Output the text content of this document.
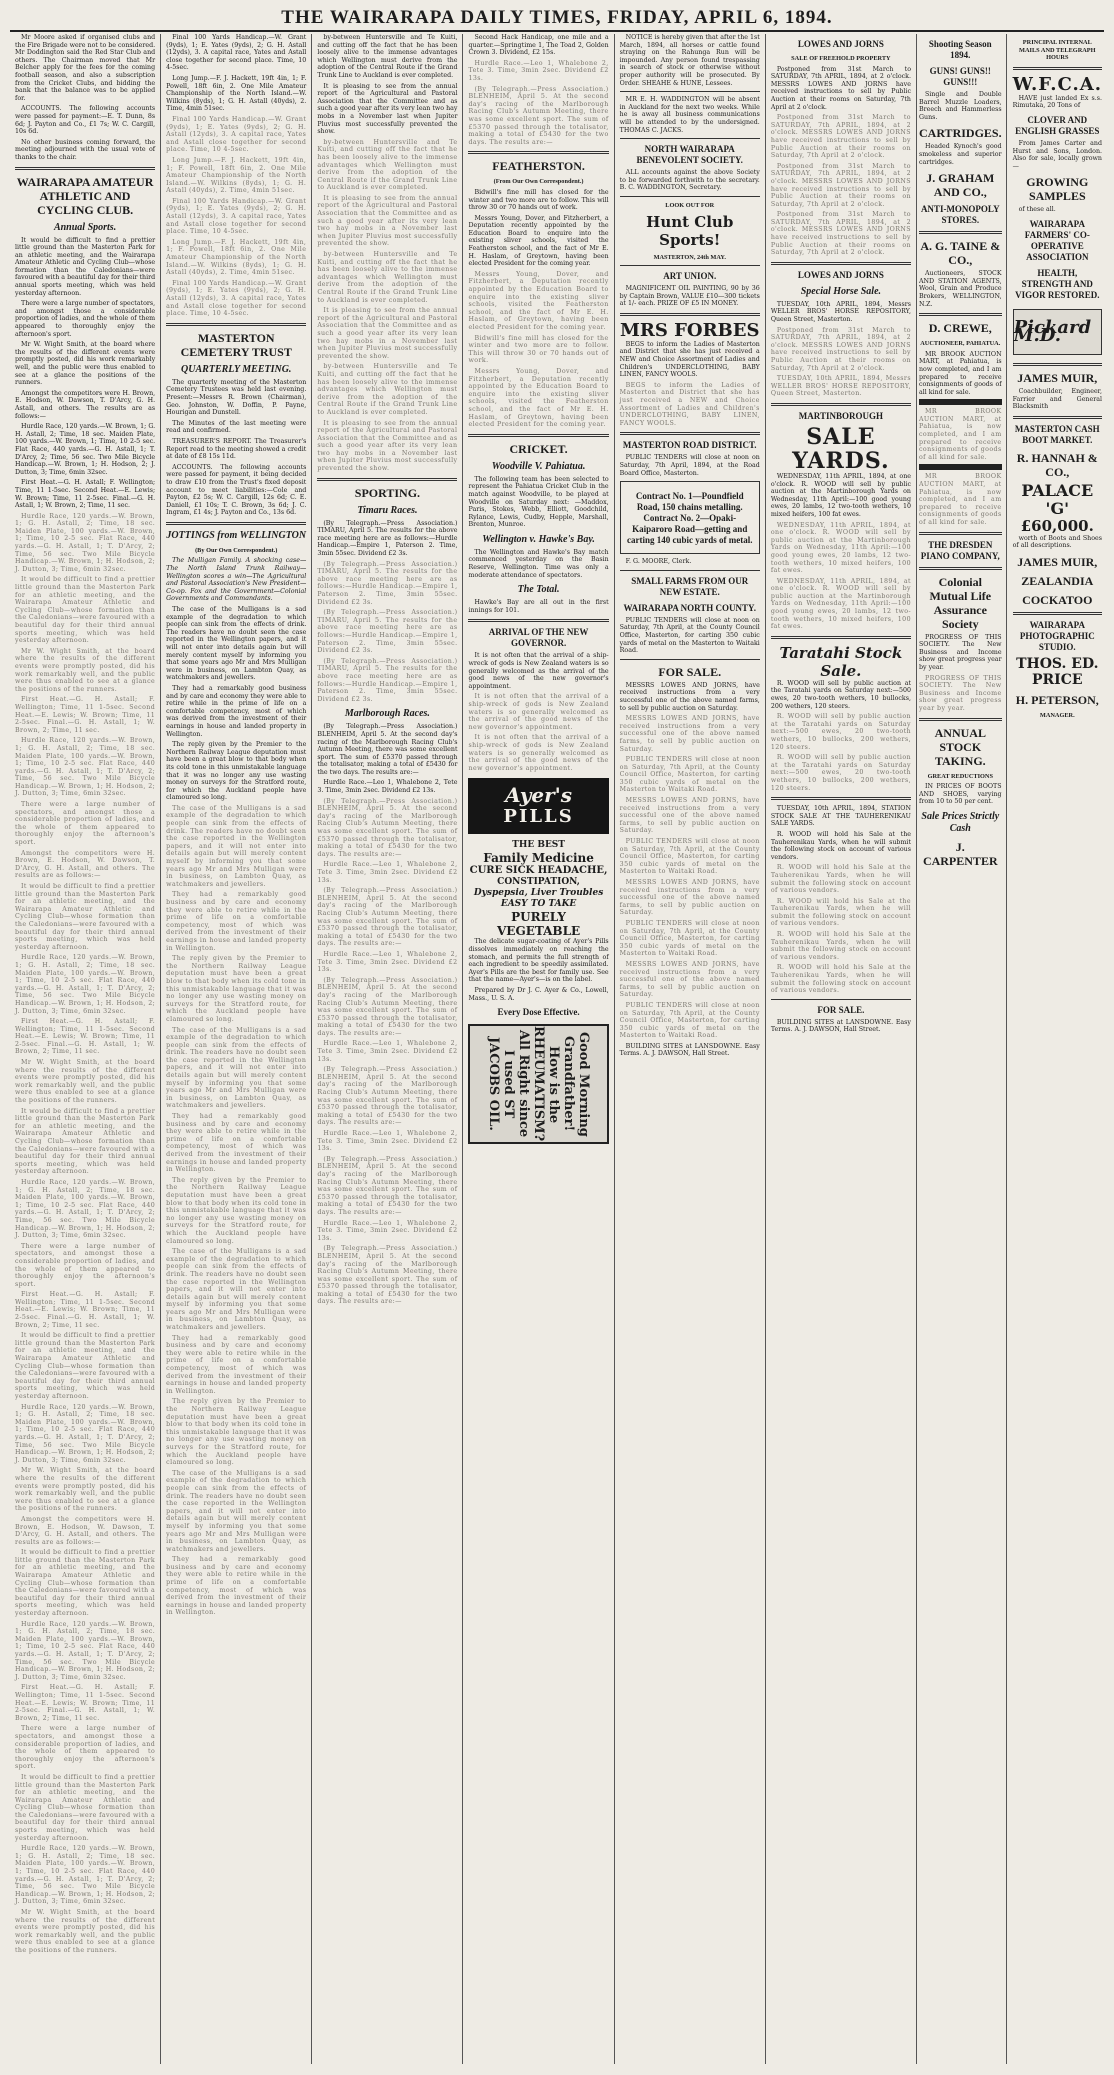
THE WAIRARAPA DAILY TIMES, FRIDAY, APRIL 6, 1894.

Mr Moore asked if organised clubs and the Fire Brigade were not to be considered. Mr Doddington said the Red Star Club and others. The Chairman moved that Mr Belcher apply for the fees for the coming football season, and also a subscription from the Cricket Clubs, and bidding the bank that the balance was to be applied for.

ACCOUNTS. The following accounts were passed for payment:—E. T. Dunn, 8s 6d; J. Payton and Co., £1 7s; W. C. Cargill, 10s 6d.

No other business coming forward, the meeting adjourned with the usual vote of thanks to the chair.

WAIRARAPA AMATEUR ATHLETIC AND CYCLING CLUB.
Annual Sports.

It would be difficult to find a prettier little ground than the Masterton Park for an athletic meeting, and the Wairarapa Amateur Athletic and Cycling Club—whose formation than the Caledonians—were favoured with a beautiful day for their third annual sports meeting, which was held yesterday afternoon.

There were a large number of spectators, and amongst those a considerable proportion of ladies, and the whole of them appeared to thoroughly enjoy the afternoon's sport.

Mr W. Wight Smith, at the board where the results of the different events were promptly posted, did his work remarkably well, and the public were thus enabled to see at a glance the positions of the runners.

Amongst the competitors were H. Brown, E. Hodson, W. Dawson, T. D'Arcy, G. H. Astall, and others. The results are as follows:—

Hurdle Race, 120 yards.—W. Brown, 1; G. H. Astall, 2; Time, 18 sec. Maiden Plate, 100 yards.—W. Brown, 1; Time, 10 2-5 sec. Flat Race, 440 yards.—G. H. Astall, 1; T. D'Arcy, 2; Time, 56 sec. Two Mile Bicycle Handicap.—W. Brown, 1; H. Hodson, 2; J. Dutton, 3; Time, 6min 32sec.

First Heat.—G. H. Astall; F. Wellington; Time, 11 1-5sec. Second Heat.—E. Lewis; W. Brown; Time, 11 2-5sec. Final.—G. H. Astall, 1; W. Brown, 2; Time, 11 sec.

Hurdle Race, 120 yards.—W. Brown, 1; G. H. Astall, 2; Time, 18 sec. Maiden Plate, 100 yards.—W. Brown, 1; Time, 10 2-5 sec. Flat Race, 440 yards.—G. H. Astall, 1; T. D'Arcy, 2; Time, 56 sec. Two Mile Bicycle Handicap.—W. Brown, 1; H. Hodson, 2; J. Dutton, 3; Time, 6min 32sec.

It would be difficult to find a prettier little ground than the Masterton Park for an athletic meeting, and the Wairarapa Amateur Athletic and Cycling Club—whose formation than the Caledonians—were favoured with a beautiful day for their third annual sports meeting, which was held yesterday afternoon.

Mr W. Wight Smith, at the board where the results of the different events were promptly posted, did his work remarkably well, and the public were thus enabled to see at a glance the positions of the runners.

First Heat.—G. H. Astall; F. Wellington; Time, 11 1-5sec. Second Heat.—E. Lewis; W. Brown; Time, 11 2-5sec. Final.—G. H. Astall, 1; W. Brown, 2; Time, 11 sec.

Hurdle Race, 120 yards.—W. Brown, 1; G. H. Astall, 2; Time, 18 sec. Maiden Plate, 100 yards.—W. Brown, 1; Time, 10 2-5 sec. Flat Race, 440 yards.—G. H. Astall, 1; T. D'Arcy, 2; Time, 56 sec. Two Mile Bicycle Handicap.—W. Brown, 1; H. Hodson, 2; J. Dutton, 3; Time, 6min 32sec.

There were a large number of spectators, and amongst those a considerable proportion of ladies, and the whole of them appeared to thoroughly enjoy the afternoon's sport.

Amongst the competitors were H. Brown, E. Hodson, W. Dawson, T. D'Arcy, G. H. Astall, and others. The results are as follows:—

It would be difficult to find a prettier little ground than the Masterton Park for an athletic meeting, and the Wairarapa Amateur Athletic and Cycling Club—whose formation than the Caledonians—were favoured with a beautiful day for their third annual sports meeting, which was held yesterday afternoon.

Hurdle Race, 120 yards.—W. Brown, 1; G. H. Astall, 2; Time, 18 sec. Maiden Plate, 100 yards.—W. Brown, 1; Time, 10 2-5 sec. Flat Race, 440 yards.—G. H. Astall, 1; T. D'Arcy, 2; Time, 56 sec. Two Mile Bicycle Handicap.—W. Brown, 1; H. Hodson, 2; J. Dutton, 3; Time, 6min 32sec.

First Heat.—G. H. Astall; F. Wellington; Time, 11 1-5sec. Second Heat.—E. Lewis; W. Brown; Time, 11 2-5sec. Final.—G. H. Astall, 1; W. Brown, 2; Time, 11 sec.

Mr W. Wight Smith, at the board where the results of the different events were promptly posted, did his work remarkably well, and the public were thus enabled to see at a glance the positions of the runners.

It would be difficult to find a prettier little ground than the Masterton Park for an athletic meeting, and the Wairarapa Amateur Athletic and Cycling Club—whose formation than the Caledonians—were favoured with a beautiful day for their third annual sports meeting, which was held yesterday afternoon.

Hurdle Race, 120 yards.—W. Brown, 1; G. H. Astall, 2; Time, 18 sec. Maiden Plate, 100 yards.—W. Brown, 1; Time, 10 2-5 sec. Flat Race, 440 yards.—G. H. Astall, 1; T. D'Arcy, 2; Time, 56 sec. Two Mile Bicycle Handicap.—W. Brown, 1; H. Hodson, 2; J. Dutton, 3; Time, 6min 32sec.

There were a large number of spectators, and amongst those a considerable proportion of ladies, and the whole of them appeared to thoroughly enjoy the afternoon's sport.

First Heat.—G. H. Astall; F. Wellington; Time, 11 1-5sec. Second Heat.—E. Lewis; W. Brown; Time, 11 2-5sec. Final.—G. H. Astall, 1; W. Brown, 2; Time, 11 sec.

It would be difficult to find a prettier little ground than the Masterton Park for an athletic meeting, and the Wairarapa Amateur Athletic and Cycling Club—whose formation than the Caledonians—were favoured with a beautiful day for their third annual sports meeting, which was held yesterday afternoon.

Hurdle Race, 120 yards.—W. Brown, 1; G. H. Astall, 2; Time, 18 sec. Maiden Plate, 100 yards.—W. Brown, 1; Time, 10 2-5 sec. Flat Race, 440 yards.—G. H. Astall, 1; T. D'Arcy, 2; Time, 56 sec. Two Mile Bicycle Handicap.—W. Brown, 1; H. Hodson, 2; J. Dutton, 3; Time, 6min 32sec.

Mr W. Wight Smith, at the board where the results of the different events were promptly posted, did his work remarkably well, and the public were thus enabled to see at a glance the positions of the runners.

Amongst the competitors were H. Brown, E. Hodson, W. Dawson, T. D'Arcy, G. H. Astall, and others. The results are as follows:—

It would be difficult to find a prettier little ground than the Masterton Park for an athletic meeting, and the Wairarapa Amateur Athletic and Cycling Club—whose formation than the Caledonians—were favoured with a beautiful day for their third annual sports meeting, which was held yesterday afternoon.

Hurdle Race, 120 yards.—W. Brown, 1; G. H. Astall, 2; Time, 18 sec. Maiden Plate, 100 yards.—W. Brown, 1; Time, 10 2-5 sec. Flat Race, 440 yards.—G. H. Astall, 1; T. D'Arcy, 2; Time, 56 sec. Two Mile Bicycle Handicap.—W. Brown, 1; H. Hodson, 2; J. Dutton, 3; Time, 6min 32sec.

First Heat.—G. H. Astall; F. Wellington; Time, 11 1-5sec. Second Heat.—E. Lewis; W. Brown; Time, 11 2-5sec. Final.—G. H. Astall, 1; W. Brown, 2; Time, 11 sec.

There were a large number of spectators, and amongst those a considerable proportion of ladies, and the whole of them appeared to thoroughly enjoy the afternoon's sport.

It would be difficult to find a prettier little ground than the Masterton Park for an athletic meeting, and the Wairarapa Amateur Athletic and Cycling Club—whose formation than the Caledonians—were favoured with a beautiful day for their third annual sports meeting, which was held yesterday afternoon.

Hurdle Race, 120 yards.—W. Brown, 1; G. H. Astall, 2; Time, 18 sec. Maiden Plate, 100 yards.—W. Brown, 1; Time, 10 2-5 sec. Flat Race, 440 yards.—G. H. Astall, 1; T. D'Arcy, 2; Time, 56 sec. Two Mile Bicycle Handicap.—W. Brown, 1; H. Hodson, 2; J. Dutton, 3; Time, 6min 32sec.

Mr W. Wight Smith, at the board where the results of the different events were promptly posted, did his work remarkably well, and the public were thus enabled to see at a glance the positions of the runners.

Final 100 Yards Handicap.—W. Grant (9yds), 1; E. Yates (9yds), 2; G. H. Astall (12yds), 3. A capital race, Yates and Astall close together for second place. Time, 10 4-5sec.

Long Jump.—F. J. Hackett, 19ft 4in, 1; F. Powell, 18ft 6in, 2. One Mile Amateur Championship of the North Island.—W. Wilkins (8yds), 1; G. H. Astall (40yds), 2. Time, 4min 51sec.

Final 100 Yards Handicap.—W. Grant (9yds), 1; E. Yates (9yds), 2; G. H. Astall (12yds), 3. A capital race, Yates and Astall close together for second place. Time, 10 4-5sec.

Long Jump.—F. J. Hackett, 19ft 4in, 1; F. Powell, 18ft 6in, 2. One Mile Amateur Championship of the North Island.—W. Wilkins (8yds), 1; G. H. Astall (40yds), 2. Time, 4min 51sec.

Final 100 Yards Handicap.—W. Grant (9yds), 1; E. Yates (9yds), 2; G. H. Astall (12yds), 3. A capital race, Yates and Astall close together for second place. Time, 10 4-5sec.

Long Jump.—F. J. Hackett, 19ft 4in, 1; F. Powell, 18ft 6in, 2. One Mile Amateur Championship of the North Island.—W. Wilkins (8yds), 1; G. H. Astall (40yds), 2. Time, 4min 51sec.

Final 100 Yards Handicap.—W. Grant (9yds), 1; E. Yates (9yds), 2; G. H. Astall (12yds), 3. A capital race, Yates and Astall close together for second place. Time, 10 4-5sec.

MASTERTON CEMETERY TRUST
QUARTERLY MEETING.

The quarterly meeting of the Masterton Cemetery Trustees was held last evening. Present:—Messrs R. Brown (Chairman), Geo. Johnston, W. Doffin, P. Payne, Hourigan and Dunstell.

The Minutes of the last meeting were read and confirmed.

TREASURER'S REPORT. The Treasurer's Report read to the meeting showed a credit at date of £8 15s 11d.

ACCOUNTS. The following accounts were passed for payment, it being decided to draw £10 from the Trust's fixed deposit account to meet liabilities:—Cole and Payton, £2 5s; W. C. Cargill, 12s 6d; C. E. Daniell, £1 10s; T. C. Brown, 3s 6d; J. C. Ingram, £1 4s; J. Payton and Co., 13s 6d.

JOTTINGS from WELLINGTON
(By Our Own Correspondent.)

The Mulligan Family. A shocking case—The North Island Trunk Railway—Wellington scores a win—The Agricultural and Pastoral Association's New President—Co-op. Fox and the Government—Colonial Governments and Commandants.

The case of the Mulligans is a sad example of the degradation to which people can sink from the effects of drink. The readers have no doubt seen the case reported in the Wellington papers, and it will not enter into details again but will merely content myself by informing you that some years ago Mr and Mrs Mulligan were in business, on Lambton Quay, as watchmakers and jewellers.

They had a remarkably good business and by care and economy they were able to retire while in the prime of life on a comfortable competency, most of which was derived from the investment of their earnings in house and landed property in Wellington.

The reply given by the Premier to the Northern Railway League deputation must have been a great blow to that body when its cold tone in this unmistakable language that it was no longer any use wasting money on surveys for the Stratford route, for which the Auckland people have clamoured so long.

The case of the Mulligans is a sad example of the degradation to which people can sink from the effects of drink. The readers have no doubt seen the case reported in the Wellington papers, and it will not enter into details again but will merely content myself by informing you that some years ago Mr and Mrs Mulligan were in business, on Lambton Quay, as watchmakers and jewellers.

They had a remarkably good business and by care and economy they were able to retire while in the prime of life on a comfortable competency, most of which was derived from the investment of their earnings in house and landed property in Wellington.

The reply given by the Premier to the Northern Railway League deputation must have been a great blow to that body when its cold tone in this unmistakable language that it was no longer any use wasting money on surveys for the Stratford route, for which the Auckland people have clamoured so long.

The case of the Mulligans is a sad example of the degradation to which people can sink from the effects of drink. The readers have no doubt seen the case reported in the Wellington papers, and it will not enter into details again but will merely content myself by informing you that some years ago Mr and Mrs Mulligan were in business, on Lambton Quay, as watchmakers and jewellers.

They had a remarkably good business and by care and economy they were able to retire while in the prime of life on a comfortable competency, most of which was derived from the investment of their earnings in house and landed property in Wellington.

The reply given by the Premier to the Northern Railway League deputation must have been a great blow to that body when its cold tone in this unmistakable language that it was no longer any use wasting money on surveys for the Stratford route, for which the Auckland people have clamoured so long.

The case of the Mulligans is a sad example of the degradation to which people can sink from the effects of drink. The readers have no doubt seen the case reported in the Wellington papers, and it will not enter into details again but will merely content myself by informing you that some years ago Mr and Mrs Mulligan were in business, on Lambton Quay, as watchmakers and jewellers.

They had a remarkably good business and by care and economy they were able to retire while in the prime of life on a comfortable competency, most of which was derived from the investment of their earnings in house and landed property in Wellington.

The reply given by the Premier to the Northern Railway League deputation must have been a great blow to that body when its cold tone in this unmistakable language that it was no longer any use wasting money on surveys for the Stratford route, for which the Auckland people have clamoured so long.

The case of the Mulligans is a sad example of the degradation to which people can sink from the effects of drink. The readers have no doubt seen the case reported in the Wellington papers, and it will not enter into details again but will merely content myself by informing you that some years ago Mr and Mrs Mulligan were in business, on Lambton Quay, as watchmakers and jewellers.

They had a remarkably good business and by care and economy they were able to retire while in the prime of life on a comfortable competency, most of which was derived from the investment of their earnings in house and landed property in Wellington.

by-between Huntersville and Te Kuiti, and cutting off the fact that he has been loosely alive to the immense advantages which Wellington must derive from the adoption of the Central Route if the Grand Trunk Line to Auckland is ever completed.

It is pleasing to see from the annual report of the Agricultural and Pastoral Association that the Committee and as such a good year after its very lean two hay mobs in a November last when Jupiter Pluvius most successfully prevented the show.

by-between Huntersville and Te Kuiti, and cutting off the fact that he has been loosely alive to the immense advantages which Wellington must derive from the adoption of the Central Route if the Grand Trunk Line to Auckland is ever completed.

It is pleasing to see from the annual report of the Agricultural and Pastoral Association that the Committee and as such a good year after its very lean two hay mobs in a November last when Jupiter Pluvius most successfully prevented the show.

by-between Huntersville and Te Kuiti, and cutting off the fact that he has been loosely alive to the immense advantages which Wellington must derive from the adoption of the Central Route if the Grand Trunk Line to Auckland is ever completed.

It is pleasing to see from the annual report of the Agricultural and Pastoral Association that the Committee and as such a good year after its very lean two hay mobs in a November last when Jupiter Pluvius most successfully prevented the show.

by-between Huntersville and Te Kuiti, and cutting off the fact that he has been loosely alive to the immense advantages which Wellington must derive from the adoption of the Central Route if the Grand Trunk Line to Auckland is ever completed.

It is pleasing to see from the annual report of the Agricultural and Pastoral Association that the Committee and as such a good year after its very lean two hay mobs in a November last when Jupiter Pluvius most successfully prevented the show.

SPORTING.
Timaru Races.

(By Telegraph.—Press Association.) TIMARU, April 5. The results for the above race meeting here are as follows:—Hurdle Handicap.—Empire 1, Paterson 2. Time, 3min 55sec. Dividend £2 3s.

(By Telegraph.—Press Association.) TIMARU, April 5. The results for the above race meeting here are as follows:—Hurdle Handicap.—Empire 1, Paterson 2. Time, 3min 55sec. Dividend £2 3s.

(By Telegraph.—Press Association.) TIMARU, April 5. The results for the above race meeting here are as follows:—Hurdle Handicap.—Empire 1, Paterson 2. Time, 3min 55sec. Dividend £2 3s.

(By Telegraph.—Press Association.) TIMARU, April 5. The results for the above race meeting here are as follows:—Hurdle Handicap.—Empire 1, Paterson 2. Time, 3min 55sec. Dividend £2 3s.

Marlborough Races.

(By Telegraph.—Press Association.) BLENHEIM, April 5. At the second day's racing of the Marlborough Racing Club's Autumn Meeting, there was some excellent sport. The sum of £5370 passed through the totalisator, making a total of £5430 for the two days. The results are:—

Hurdle Race.—Leo 1, Whalebone 2, Tete 3. Time, 3min 2sec. Dividend £2 13s.

(By Telegraph.—Press Association.) BLENHEIM, April 5. At the second day's racing of the Marlborough Racing Club's Autumn Meeting, there was some excellent sport. The sum of £5370 passed through the totalisator, making a total of £5430 for the two days. The results are:—

Hurdle Race.—Leo 1, Whalebone 2, Tete 3. Time, 3min 2sec. Dividend £2 13s.

(By Telegraph.—Press Association.) BLENHEIM, April 5. At the second day's racing of the Marlborough Racing Club's Autumn Meeting, there was some excellent sport. The sum of £5370 passed through the totalisator, making a total of £5430 for the two days. The results are:—

Hurdle Race.—Leo 1, Whalebone 2, Tete 3. Time, 3min 2sec. Dividend £2 13s.

(By Telegraph.—Press Association.) BLENHEIM, April 5. At the second day's racing of the Marlborough Racing Club's Autumn Meeting, there was some excellent sport. The sum of £5370 passed through the totalisator, making a total of £5430 for the two days. The results are:—

Hurdle Race.—Leo 1, Whalebone 2, Tete 3. Time, 3min 2sec. Dividend £2 13s.

(By Telegraph.—Press Association.) BLENHEIM, April 5. At the second day's racing of the Marlborough Racing Club's Autumn Meeting, there was some excellent sport. The sum of £5370 passed through the totalisator, making a total of £5430 for the two days. The results are:—

Hurdle Race.—Leo 1, Whalebone 2, Tete 3. Time, 3min 2sec. Dividend £2 13s.

(By Telegraph.—Press Association.) BLENHEIM, April 5. At the second day's racing of the Marlborough Racing Club's Autumn Meeting, there was some excellent sport. The sum of £5370 passed through the totalisator, making a total of £5430 for the two days. The results are:—

Hurdle Race.—Leo 1, Whalebone 2, Tete 3. Time, 3min 2sec. Dividend £2 13s.

(By Telegraph.—Press Association.) BLENHEIM, April 5. At the second day's racing of the Marlborough Racing Club's Autumn Meeting, there was some excellent sport. The sum of £5370 passed through the totalisator, making a total of £5430 for the two days. The results are:—

Second Hack Handicap, one mile and a quarter.—Springtime 1, The Toad 2, Golden Crown 3. Dividend, £2 15s.

Hurdle Race.—Leo 1, Whalebone 2, Tete 3. Time, 3min 2sec. Dividend £2 13s.

(By Telegraph.—Press Association.) BLENHEIM, April 5. At the second day's racing of the Marlborough Racing Club's Autumn Meeting, there was some excellent sport. The sum of £5370 passed through the totalisator, making a total of £5430 for the two days. The results are:—

FEATHERSTON.
(From Our Own Correspondent.)

Bidwill's fine mill has closed for the winter and two more are to follow. This will throw 30 or 70 hands out of work.

Messrs Young, Dover, and Fitzherbert, a Deputation recently appointed by the Education Board to enquire into the existing sliver schools, visited the Featherston school, and the fact of Mr E. H. Haslam, of Greytown, having been elected President for the coming year.

Messrs Young, Dover, and Fitzherbert, a Deputation recently appointed by the Education Board to enquire into the existing sliver schools, visited the Featherston school, and the fact of Mr E. H. Haslam, of Greytown, having been elected President for the coming year.

Bidwill's fine mill has closed for the winter and two more are to follow. This will throw 30 or 70 hands out of work.

Messrs Young, Dover, and Fitzherbert, a Deputation recently appointed by the Education Board to enquire into the existing sliver schools, visited the Featherston school, and the fact of Mr E. H. Haslam, of Greytown, having been elected President for the coming year.

CRICKET.
Woodville V. Pahiatua.

The following team has been selected to represent the Pahiatua Cricket Club in the match against Woodville, to be played at Woodville on Saturday next: —Maddox, Paris, Stokes, Webb, Elliott, Goodchild, Rylance, Lewis, Cudby, Hepple, Marshall, Brenton, Munroe.

Wellington v. Hawke's Bay.

The Wellington and Hawke's Bay match commenced yesterday on the Basin Reserve, Wellington. Time was only a moderate attendance of spectators.

The Total.

Hawke's Bay are all out in the first innings for 101.

ARRIVAL OF THE NEW GOVERNOR.

It is not often that the arrival of a ship-wreck of gods is New Zealand waters is so generally welcomed as the arrival of the good news of the new governor's appointment.

It is not often that the arrival of a ship-wreck of gods is New Zealand waters is so generally welcomed as the arrival of the good news of the new governor's appointment.

It is not often that the arrival of a ship-wreck of gods is New Zealand waters is so generally welcomed as the arrival of the good news of the new governor's appointment.

Ayer's
PILLS
THE BEST
Family Medicine
CURE SICK HEADACHE,
CONSTIPATION,
Dyspepsia, Liver Troubles
EASY TO TAKE
PURELY VEGETABLE

The delicate sugar-coating of Ayer's Pills dissolves immediately on reaching the stomach, and permits the full strength of each ingredient to be speedily assimilated. Ayer's Pills are the best for family use. See that the name—Ayer's—is on the label.

Prepared by Dr J. C. Ayer & Co., Lowell, Mass., U. S. A.

Every Dose Effective.
Good Morning Grandfather! How is the RHEUMATISM? All Right since I used ST JACOBS OIL.

NOTICE is hereby given that after the 1st March, 1894, all horses or cattle found straying on the Rahunga Run will be impounded. Any person found trespassing in search of stock or otherwise without proper authority will be prosecuted. By Order. SHEAHE & HUNE, Lessees.

MR E. H. WADDINGTON will be absent in Auckland for the next two weeks. While he is away all business communications will be attended to by the undersigned. THOMAS C. JACKS.

NORTH WAIRARAPA BENEVOLENT SOCIETY.

ALL accounts against the above Society to be forwarded forthwith to the secretary. B. C. WADDINGTON, Secretary.

LOOK OUT FOR
Hunt Club Sports!
MASTERTON, 24th MAY.
ART UNION.

MAGNIFICENT OIL PAINTING, 90 by 36 by Captain Brown, VALUE £10—300 tickets at 1/- each. PRIZE OF £5 IN MONEY.

MRS FORBES

BEGS to inform the Ladies of Masterton and District that she has just received a NEW and Choice Assortment of Ladies and Children's UNDERCLOTHING, BABY LINEN, FANCY WOOLS.

BEGS to inform the Ladies of Masterton and District that she has just received a NEW and Choice Assortment of Ladies and Children's UNDERCLOTHING, BABY LINEN, FANCY WOOLS.

MASTERTON ROAD DISTRICT.

PUBLIC TENDERS will close at noon on Saturday, 7th April, 1894, at the Road Board Office, Masterton.

Contract No. 1—Poundfield Road, 150 chains metalling. Contract No. 2—Opaki-Kaiparoro Road—getting and carting 140 cubic yards of metal.

F. G. MOORE, Clerk.

SMALL FARMS FROM OUR NEW ESTATE.
WAIRARAPA NORTH COUNTY.

PUBLIC TENDERS will close at noon on Saturday, 7th April, at the County Council Office, Masterton, for carting 350 cubic yards of metal on the Masterton to Waitaki Road.

FOR SALE.

MESSRS LOWES AND JORNS, have received instructions from a very successful one of the above named farms, to sell by public auction on Saturday.

MESSRS LOWES AND JORNS, have received instructions from a very successful one of the above named farms, to sell by public auction on Saturday.

PUBLIC TENDERS will close at noon on Saturday, 7th April, at the County Council Office, Masterton, for carting 350 cubic yards of metal on the Masterton to Waitaki Road.

MESSRS LOWES AND JORNS, have received instructions from a very successful one of the above named farms, to sell by public auction on Saturday.

PUBLIC TENDERS will close at noon on Saturday, 7th April, at the County Council Office, Masterton, for carting 350 cubic yards of metal on the Masterton to Waitaki Road.

MESSRS LOWES AND JORNS, have received instructions from a very successful one of the above named farms, to sell by public auction on Saturday.

PUBLIC TENDERS will close at noon on Saturday, 7th April, at the County Council Office, Masterton, for carting 350 cubic yards of metal on the Masterton to Waitaki Road.

MESSRS LOWES AND JORNS, have received instructions from a very successful one of the above named farms, to sell by public auction on Saturday.

PUBLIC TENDERS will close at noon on Saturday, 7th April, at the County Council Office, Masterton, for carting 350 cubic yards of metal on the Masterton to Waitaki Road.

BUILDING SITES at LANSDOWNE. Easy Terms. A. J. DAWSON, Hall Street.

LOWES AND JORNS
SALE OF FREEHOLD PROPERTY

Postponed from 31st March to SATURDAY, 7th APRIL, 1894, at 2 o'clock. MESSRS LOWES AND JORNS have received instructions to sell by Public Auction at their rooms on Saturday, 7th April at 2 o'clock.

Postponed from 31st March to SATURDAY, 7th APRIL, 1894, at 2 o'clock. MESSRS LOWES AND JORNS have received instructions to sell by Public Auction at their rooms on Saturday, 7th April at 2 o'clock.

Postponed from 31st March to SATURDAY, 7th APRIL, 1894, at 2 o'clock. MESSRS LOWES AND JORNS have received instructions to sell by Public Auction at their rooms on Saturday, 7th April at 2 o'clock.

Postponed from 31st March to SATURDAY, 7th APRIL, 1894, at 2 o'clock. MESSRS LOWES AND JORNS have received instructions to sell by Public Auction at their rooms on Saturday, 7th April at 2 o'clock.

LOWES AND JORNS
Special Horse Sale.

TUESDAY, 10th APRIL, 1894, Messrs WELLER BROS' HORSE REPOSITORY, Queen Street, Masterton.

Postponed from 31st March to SATURDAY, 7th APRIL, 1894, at 2 o'clock. MESSRS LOWES AND JORNS have received instructions to sell by Public Auction at their rooms on Saturday, 7th April at 2 o'clock.

TUESDAY, 10th APRIL, 1894, Messrs WELLER BROS' HORSE REPOSITORY, Queen Street, Masterton.

MARTINBOROUGH
SALE YARDS.

WEDNESDAY, 11th APRIL, 1894, at one o'clock. R. WOOD will sell by public auction at the Martinborough Yards on Wednesday, 11th April:—100 good young ewes, 20 lambs, 12 two-tooth wethers, 10 mixed heifers, 100 fat ewes.

WEDNESDAY, 11th APRIL, 1894, at one o'clock. R. WOOD will sell by public auction at the Martinborough Yards on Wednesday, 11th April:—100 good young ewes, 20 lambs, 12 two-tooth wethers, 10 mixed heifers, 100 fat ewes.

WEDNESDAY, 11th APRIL, 1894, at one o'clock. R. WOOD will sell by public auction at the Martinborough Yards on Wednesday, 11th April:—100 good young ewes, 20 lambs, 12 two-tooth wethers, 10 mixed heifers, 100 fat ewes.

Taratahi Stock Sale.

R. WOOD will sell by public auction at the Taratahi yards on Saturday next:—500 ewes, 20 two-tooth wethers, 10 bullocks, 200 wethers, 120 steers.

R. WOOD will sell by public auction at the Taratahi yards on Saturday next:—500 ewes, 20 two-tooth wethers, 10 bullocks, 200 wethers, 120 steers.

R. WOOD will sell by public auction at the Taratahi yards on Saturday next:—500 ewes, 20 two-tooth wethers, 10 bullocks, 200 wethers, 120 steers.

TUESDAY, 10th APRIL, 1894, STATION STOCK SALE AT THE TAUHERENIKAU SALE YARDS.

R. WOOD will hold his Sale at the Tauherenikau Yards, when he will submit the following stock on account of various vendors.

R. WOOD will hold his Sale at the Tauherenikau Yards, when he will submit the following stock on account of various vendors.

R. WOOD will hold his Sale at the Tauherenikau Yards, when he will submit the following stock on account of various vendors.

R. WOOD will hold his Sale at the Tauherenikau Yards, when he will submit the following stock on account of various vendors.

R. WOOD will hold his Sale at the Tauherenikau Yards, when he will submit the following stock on account of various vendors.

FOR SALE.

BUILDING SITES at LANSDOWNE. Easy Terms. A. J. DAWSON, Hall Street.

Shooting Season 1894.
GUNS! GUNS!! GUNS!!!

Single and Double Barrel Muzzle Loaders, Breech and Hammerless Guns.

CARTRIDGES.

Headed Kynoch's good smokeless and superior cartridges.

J. GRAHAM AND CO.,
ANTI-MONOPOLY STORES.
A. G. TAINE & CO.,

Auctioneers, STOCK AND STATION AGENTS, Wool, Grain and Produce Brokers, WELLINGTON, N.Z.

D. CREWE,
AUCTIONEER, PAHIATUA.

MR BROOK AUCTION MART, at Pahiatua, is now completed, and I am prepared to receive consignments of goods of all kind for sale.

MR BROOK AUCTION MART, at Pahiatua, is now completed, and I am prepared to receive consignments of goods of all kind for sale.

MR BROOK AUCTION MART, at Pahiatua, is now completed, and I am prepared to receive consignments of goods of all kind for sale.

THE DRESDEN PIANO COMPANY,
Colonial Mutual Life Assurance Society

PROGRESS OF THIS SOCIETY. The New Business and Income show great progress year by year.

PROGRESS OF THIS SOCIETY. The New Business and Income show great progress year by year.

ANNUAL STOCK TAKING.
GREAT REDUCTIONS

IN PRICES OF BOOTS AND SHOES, varying from 10 to 50 per cent.

Sale Prices Strictly Cash
J. CARPENTER
PRINCIPAL INTERNAL MAILS AND TELEGRAPH HOURS
W.F.C.A.

HAVE just landed Ex s.s. Rimutaka, 20 Tons of

CLOVER AND ENGLISH GRASSES

From James Carter and Hurst and Sons, London. Also for sale, locally grown—

GROWING SAMPLES

of these all.

WAIRARAPA FARMERS' CO-OPERATIVE ASSOCIATION
HEALTH, STRENGTH AND VIGOR RESTORED.
Pickard M.D.
JAMES MUIR,

Coachbuilder, Engineer, Farrier and General Blacksmith

MASTERTON CASH BOOT MARKET.
R. HANNAH & CO.,
PALACE 'G'
£60,000.

worth of Boots and Shoes of all descriptions.

JAMES MUIR,
ZEALANDIA
COCKATOO
WAIRARAPA PHOTOGRAPHIC STUDIO.
THOS. ED. PRICE
H. PETERSON,
MANAGER.
